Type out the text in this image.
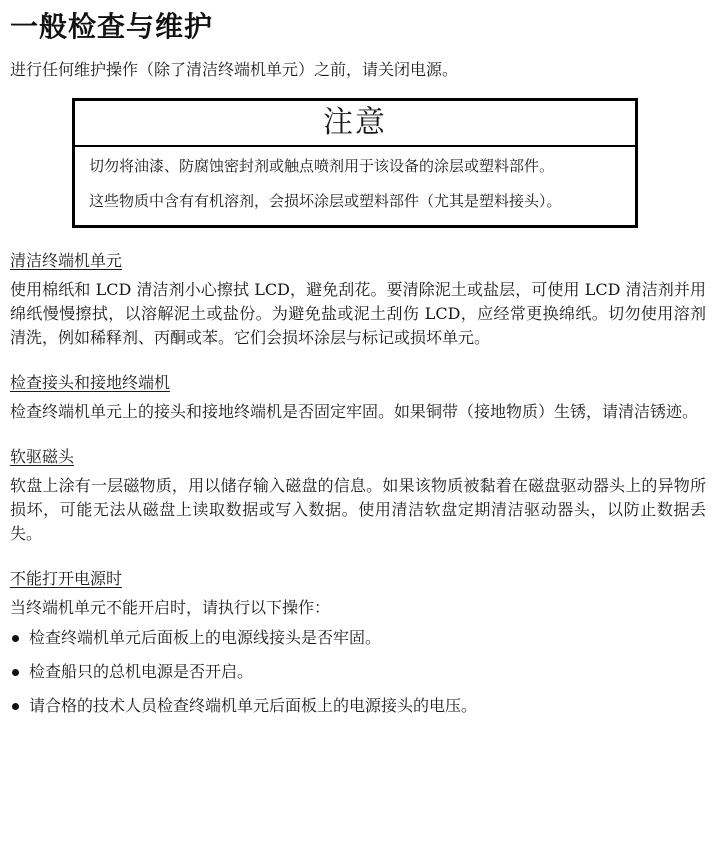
一般检查与维护

进行任何维护操作（除了清洁终端机单元）之前，请关闭电源。

注意

切勿将油漆、防腐蚀密封剂或触点喷剂用于该设备的涂层或塑料部件。

这些物质中含有有机溶剂，会损坏涂层或塑料部件（尤其是塑料接头）。

清洁终端机单元

使用棉纸和 LCD 清洁剂小心擦拭 LCD，避免刮花。要清除泥土或盐层，可使用 LCD 清洁剂并用绵纸慢慢擦拭，以溶解泥土或盐份。为避免盐或泥土刮伤 LCD，应经常更换绵纸。切勿使用溶剂清洗，例如稀释剂、丙酮或苯。它们会损坏涂层与标记或损坏单元。

检查接头和接地终端机

检查终端机单元上的接头和接地终端机是否固定牢固。如果铜带（接地物质）生锈，请清洁锈迹。

软驱磁头

软盘上涂有一层磁物质，用以储存输入磁盘的信息。如果该物质被黏着在磁盘驱动器头上的异物所损坏，可能无法从磁盘上读取数据或写入数据。使用清洁软盘定期清洁驱动器头，以防止数据丢失。

不能打开电源时

当终端机单元不能开启时，请执行以下操作：

检查终端机单元后面板上的电源线接头是否牢固。
检查船只的总机电源是否开启。
请合格的技术人员检查终端机单元后面板上的电源接头的电压。
